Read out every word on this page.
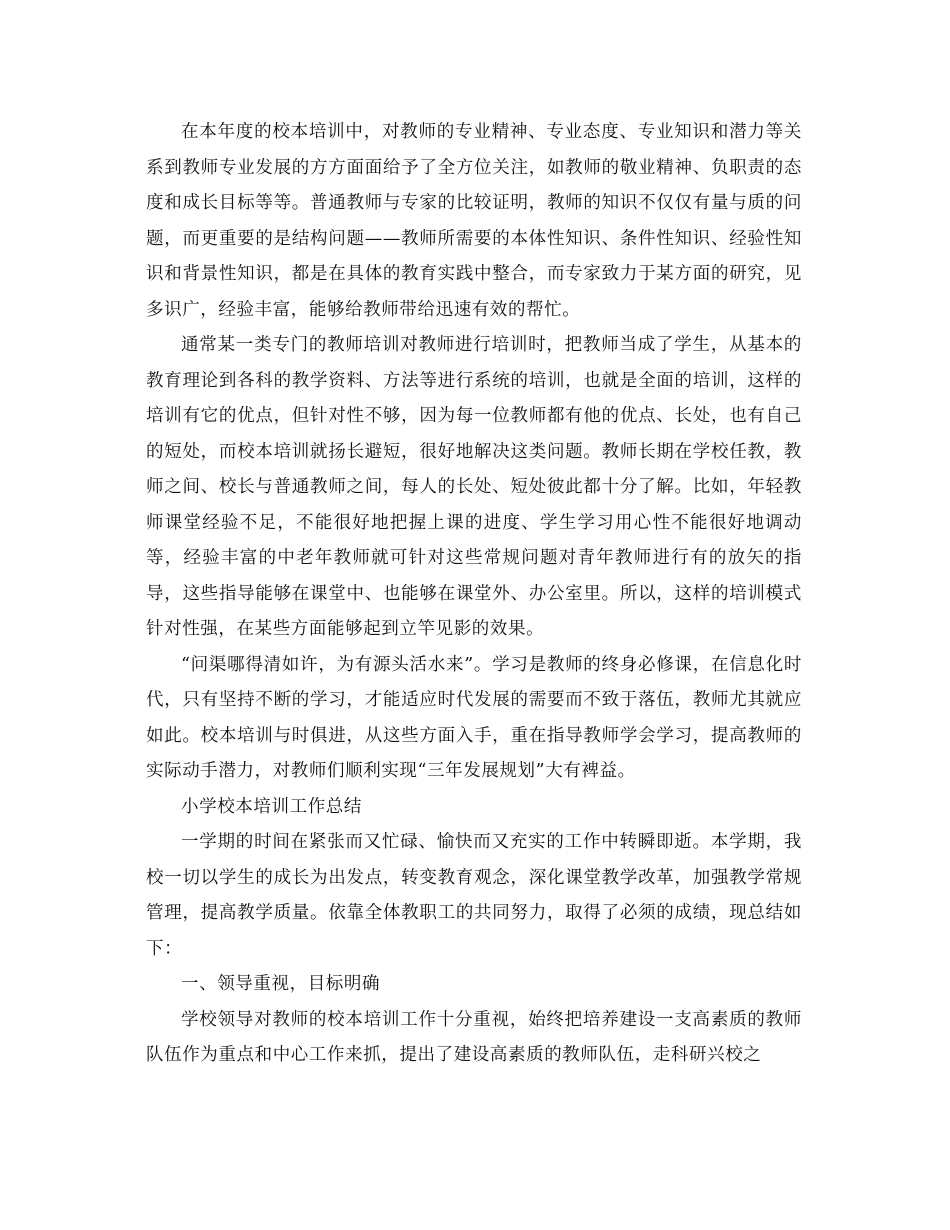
在本年度的校本培训中，对教师的专业精神、专业态度、专业知识和潜力等关系到教师专业发展的方方面面给予了全方位关注，如教师的敬业精神、负职责的态度和成长目标等等。普通教师与专家的比较证明，教师的知识不仅仅有量与质的问题，而更重要的是结构问题——教师所需要的本体性知识、条件性知识、经验性知识和背景性知识，都是在具体的教育实践中整合，而专家致力于某方面的研究，见多识广，经验丰富，能够给教师带给迅速有效的帮忙。

通常某一类专门的教师培训对教师进行培训时，把教师当成了学生，从基本的教育理论到各科的教学资料、方法等进行系统的培训，也就是全面的培训，这样的培训有它的优点，但针对性不够，因为每一位教师都有他的优点、长处，也有自己的短处，而校本培训就扬长避短，很好地解决这类问题。教师长期在学校任教，教师之间、校长与普通教师之间，每人的长处、短处彼此都十分了解。比如，年轻教师课堂经验不足，不能很好地把握上课的进度、学生学习用心性不能很好地调动等，经验丰富的中老年教师就可针对这些常规问题对青年教师进行有的放矢的指导，这些指导能够在课堂中、也能够在课堂外、办公室里。所以，这样的培训模式针对性强，在某些方面能够起到立竿见影的效果。

“问渠哪得清如许，为有源头活水来”。学习是教师的终身必修课，在信息化时代，只有坚持不断的学习，才能适应时代发展的需要而不致于落伍，教师尤其就应如此。校本培训与时俱进，从这些方面入手，重在指导教师学会学习，提高教师的实际动手潜力，对教师们顺利实现“三年发展规划”大有裨益。

小学校本培训工作总结

一学期的时间在紧张而又忙碌、愉快而又充实的工作中转瞬即逝。本学期，我校一切以学生的成长为出发点，转变教育观念，深化课堂教学改革，加强教学常规管理，提高教学质量。依靠全体教职工的共同努力，取得了必须的成绩，现总结如下：

一、领导重视，目标明确

学校领导对教师的校本培训工作十分重视，始终把培养建设一支高素质的教师队伍作为重点和中心工作来抓，提出了建设高素质的教师队伍，走科研兴校之
